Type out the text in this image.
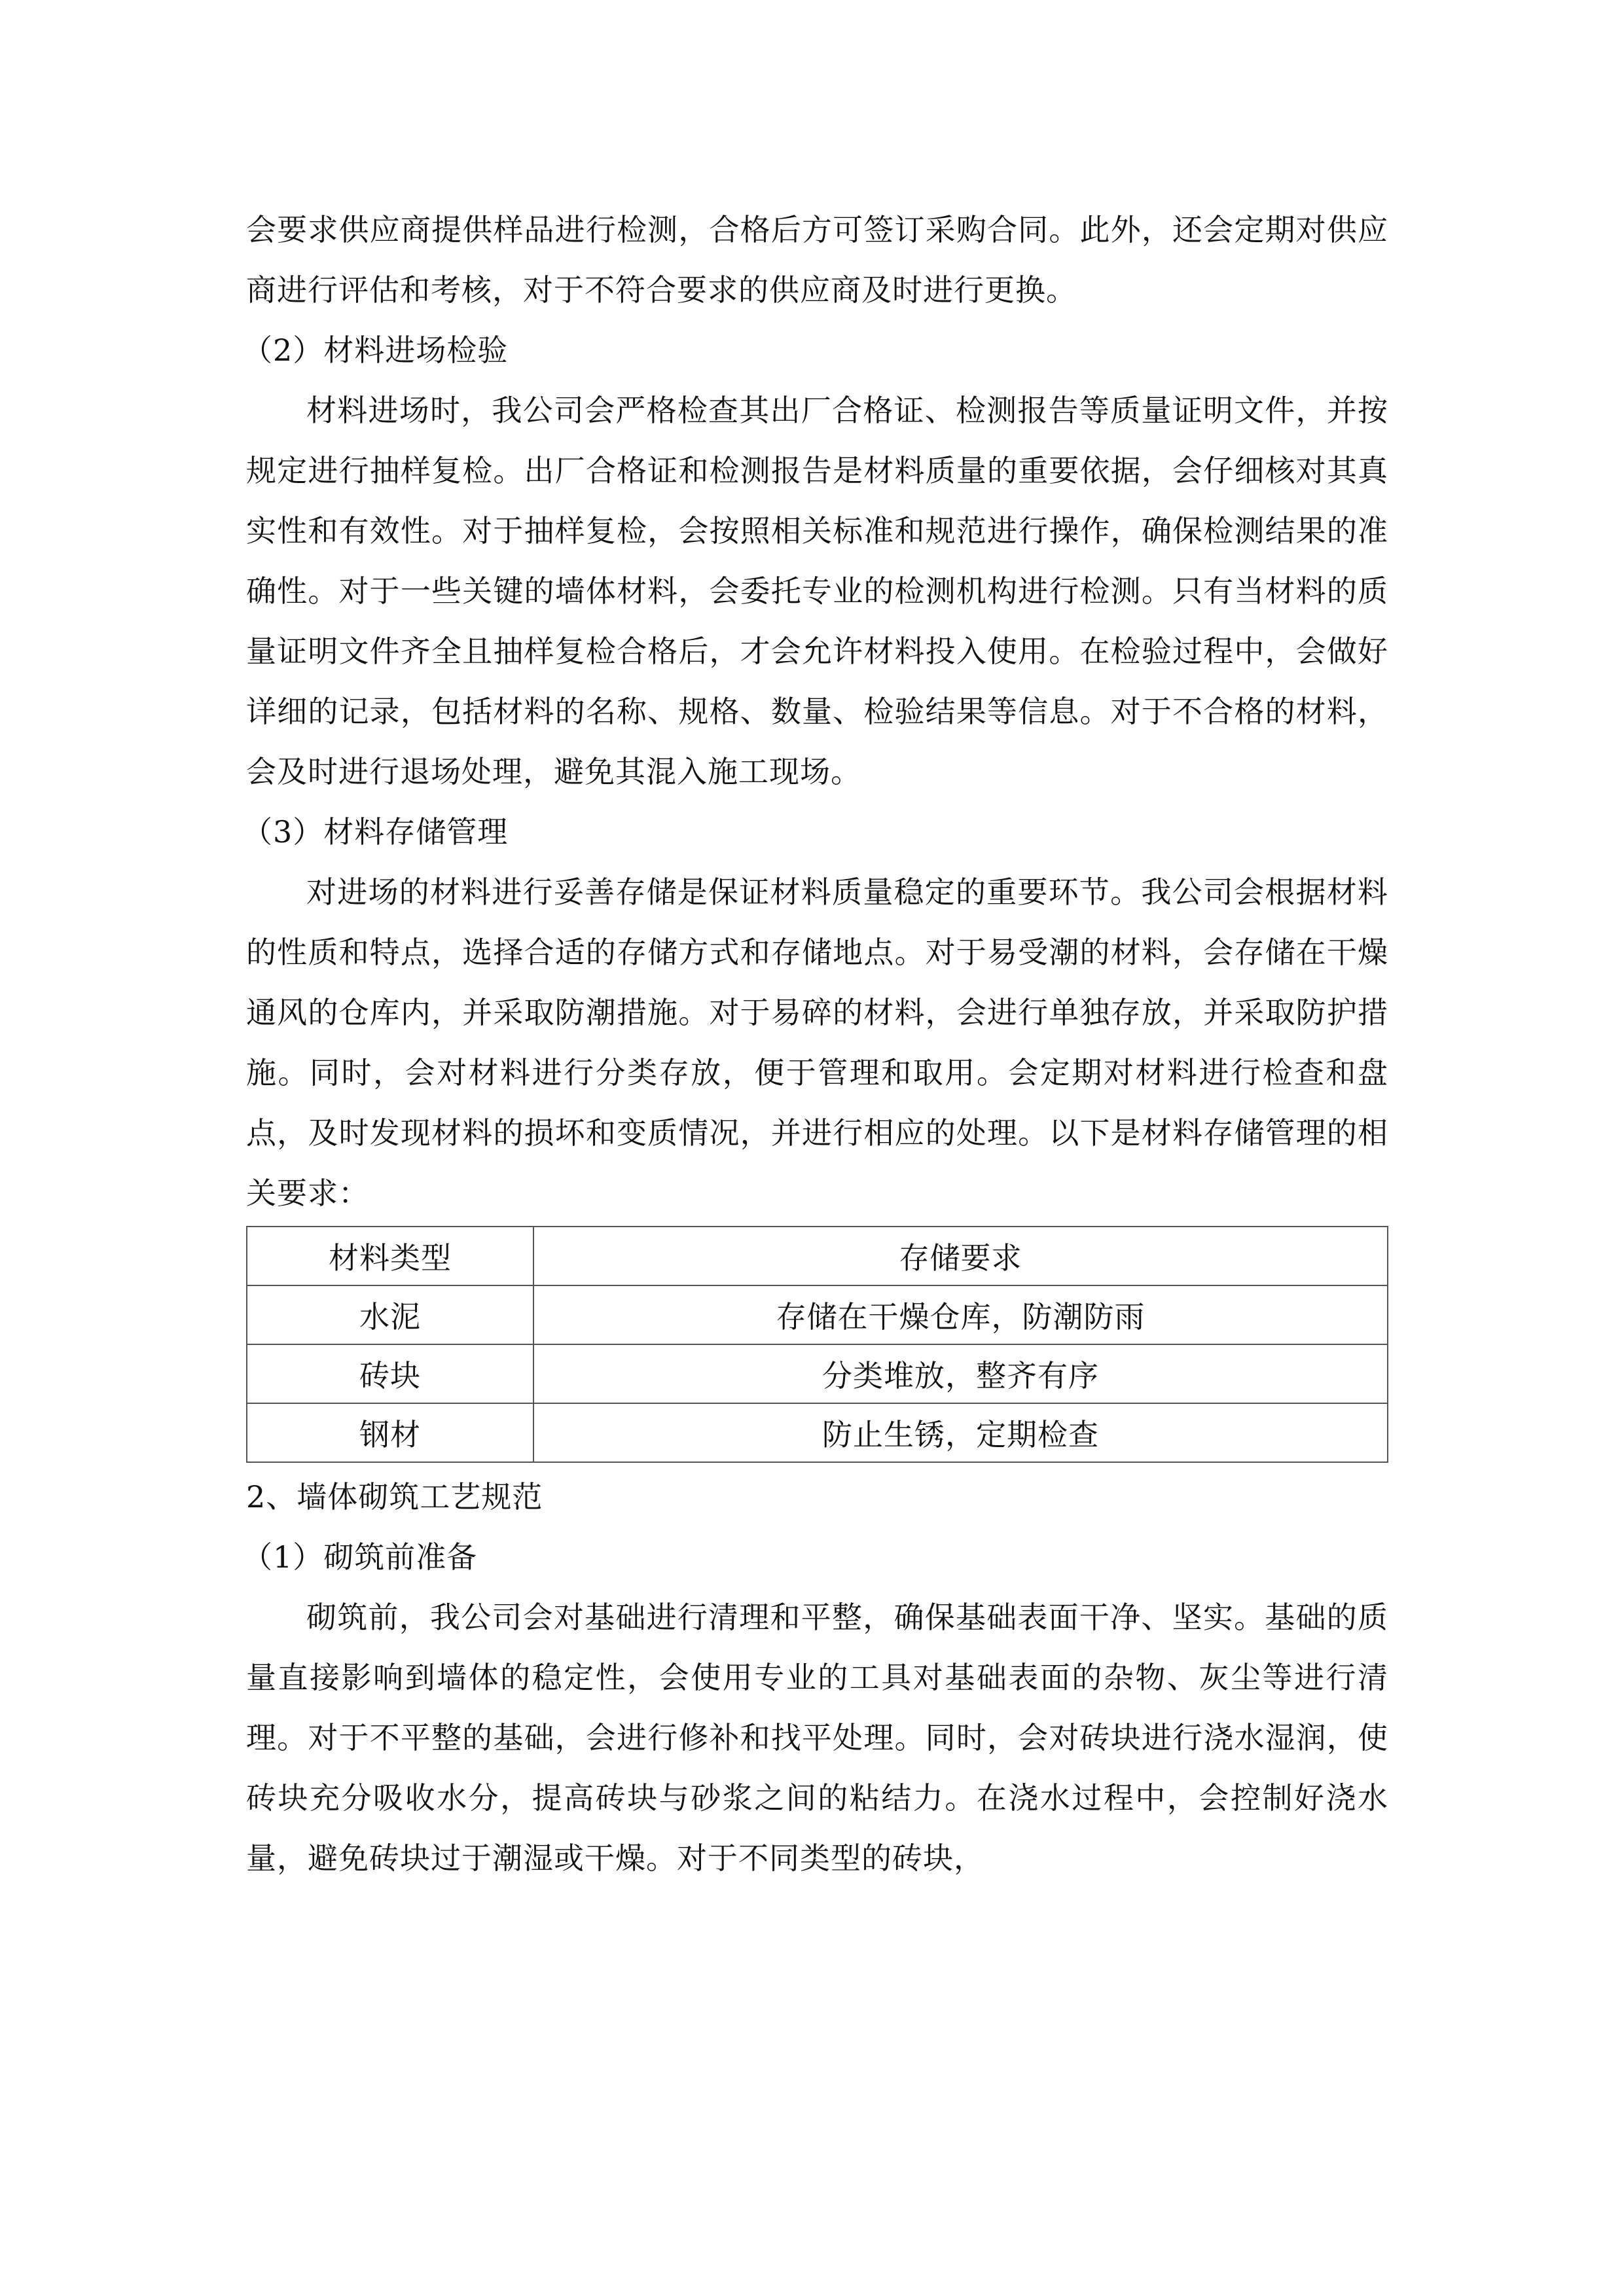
会要求供应商提供样品进行检测，合格后方可签订采购合同。此外，还会定期对供应商进行评估和考核，对于不符合要求的供应商及时进行更换。

（2）材料进场检验

材料进场时，我公司会严格检查其出厂合格证、检测报告等质量证明文件，并按规定进行抽样复检。出厂合格证和检测报告是材料质量的重要依据，会仔细核对其真实性和有效性。对于抽样复检，会按照相关标准和规范进行操作，确保检测结果的准确性。对于一些关键的墙体材料，会委托专业的检测机构进行检测。只有当材料的质量证明文件齐全且抽样复检合格后，才会允许材料投入使用。在检验过程中，会做好详细的记录，包括材料的名称、规格、数量、检验结果等信息。对于不合格的材料，会及时进行退场处理，避免其混入施工现场。

（3）材料存储管理

对进场的材料进行妥善存储是保证材料质量稳定的重要环节。我公司会根据材料的性质和特点，选择合适的存储方式和存储地点。对于易受潮的材料，会存储在干燥通风的仓库内，并采取防潮措施。对于易碎的材料，会进行单独存放，并采取防护措施。同时，会对材料进行分类存放，便于管理和取用。会定期对材料进行检查和盘点，及时发现材料的损坏和变质情况，并进行相应的处理。以下是材料存储管理的相关要求：

材料类型	存储要求
水泥	存储在干燥仓库，防潮防雨
砖块	分类堆放，整齐有序
钢材	防止生锈，定期检查

2、墙体砌筑工艺规范

（1）砌筑前准备

砌筑前，我公司会对基础进行清理和平整，确保基础表面干净、坚实。基础的质量直接影响到墙体的稳定性，会使用专业的工具对基础表面的杂物、灰尘等进行清理。对于不平整的基础，会进行修补和找平处理。同时，会对砖块进行浇水湿润，使砖块充分吸收水分，提高砖块与砂浆之间的粘结力。在浇水过程中，会控制好浇水量，避免砖块过于潮湿或干燥。对于不同类型的砖块，
